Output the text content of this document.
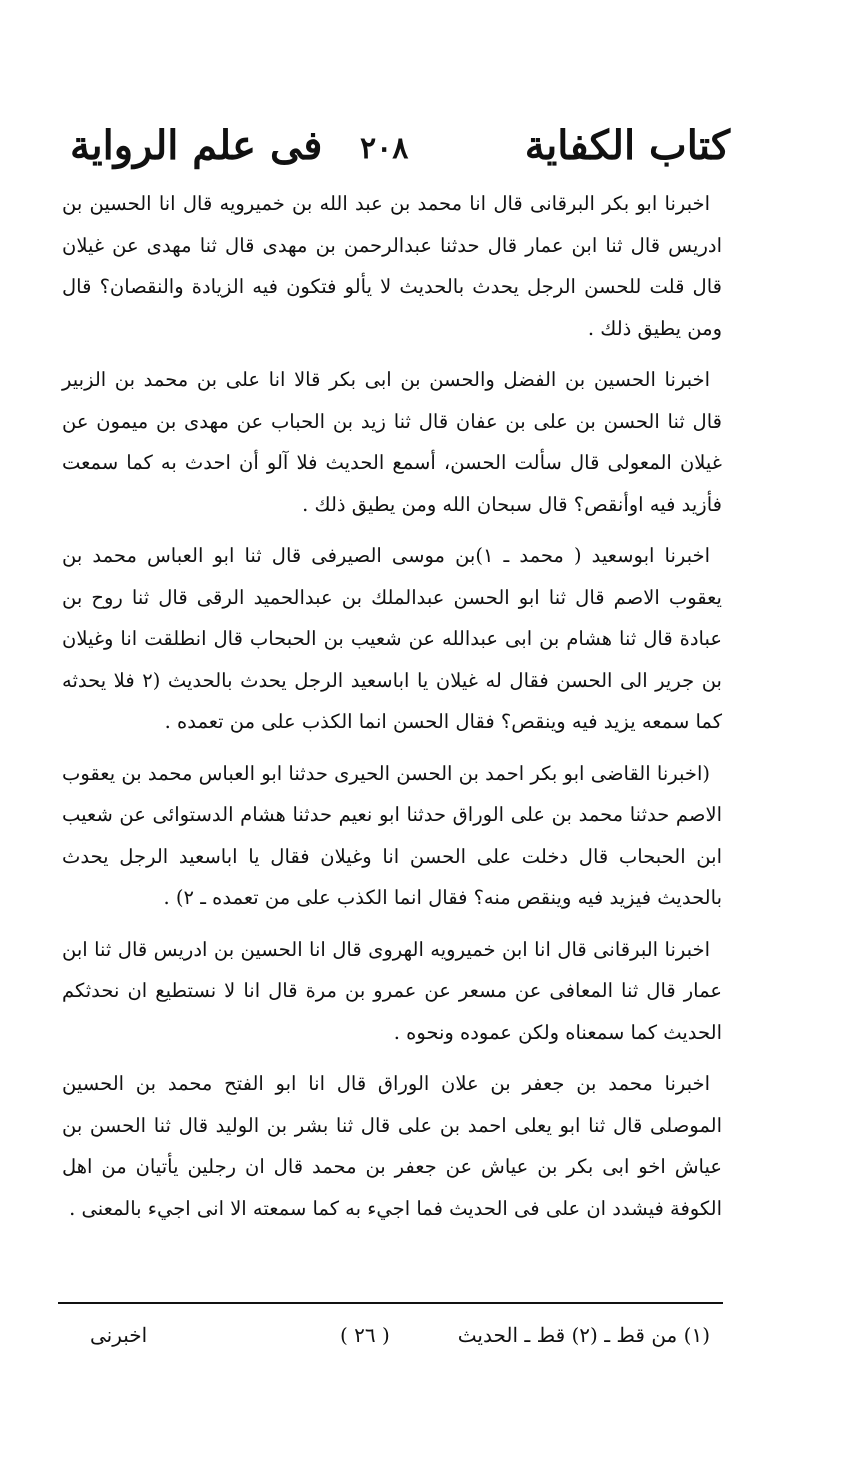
كتاب الكفاية
٢٠٨
فى علم الرواية

اخبرنا ابو بكر البرقانى قال انا محمد بن عبد الله بن خميرويه قال انا الحسين بن ادريس قال ثنا ابن عمار قال حدثنا عبدالرحمن بن مهدى قال ثنا مهدى عن غيلان قال قلت للحسن الرجل يحدث بالحديث لا يألو فتكون فيه الزيادة والنقصان؟ قال ومن يطيق ذلك .

اخبرنا الحسين بن الفضل والحسن بن ابى بكر قالا انا على بن محمد بن الزبير قال ثنا الحسن بن على بن عفان قال ثنا زيد بن الحباب عن مهدى بن ميمون عن غيلان المعولى قال سألت الحسن، أسمع الحديث فلا آلو أن احدث به كما سمعت فأزيد فيه اوأنقص؟ قال سبحان الله ومن يطيق ذلك .

اخبرنا ابوسعيد ( محمد ـ ١)بن موسى الصيرفى قال ثنا ابو العباس محمد بن يعقوب الاصم قال ثنا ابو الحسن عبدالملك بن عبدالحميد الرقى قال ثنا روح بن عبادة قال ثنا هشام بن ابى عبدالله عن شعيب بن الحبحاب قال انطلقت انا وغيلان بن جرير الى الحسن فقال له غيلان يا اباسعيد الرجل يحدث بالحديث (٢ فلا يحدثه كما سمعه يزيد فيه وينقص؟ فقال الحسن انما الكذب على من تعمده .

(اخبرنا القاضى ابو بكر احمد بن الحسن الحيرى حدثنا ابو العباس محمد بن يعقوب الاصم حدثنا محمد بن على الوراق حدثنا ابو نعيم حدثنا هشام الدستوائى عن شعيب ابن الحبحاب قال دخلت على الحسن انا وغيلان فقال يا اباسعيد الرجل يحدث بالحديث فيزيد فيه وينقص منه؟ فقال انما الكذب على من تعمده ـ ٢) .

اخبرنا البرقانى قال انا ابن خميرويه الهروى قال انا الحسين بن ادريس قال ثنا ابن عمار قال ثنا المعافى عن مسعر عن عمرو بن مرة قال انا لا نستطيع ان نحدثكم الحديث كما سمعناه ولكن عموده ونحوه .

اخبرنا محمد بن جعفر بن علان الوراق قال انا ابو الفتح محمد بن الحسين الموصلى قال ثنا ابو يعلى احمد بن على قال ثنا بشر بن الوليد قال ثنا الحسن بن عياش اخو ابى بكر بن عياش عن جعفر بن محمد قال ان رجلين يأتيان من اهل الكوفة فيشدد ان على فى الحديث فما اجيء به كما سمعته الا انى اجيء بالمعنى .

(١) من قط ـ (٢) قط ـ الحديث
( ٢٦ )
اخبرنى
